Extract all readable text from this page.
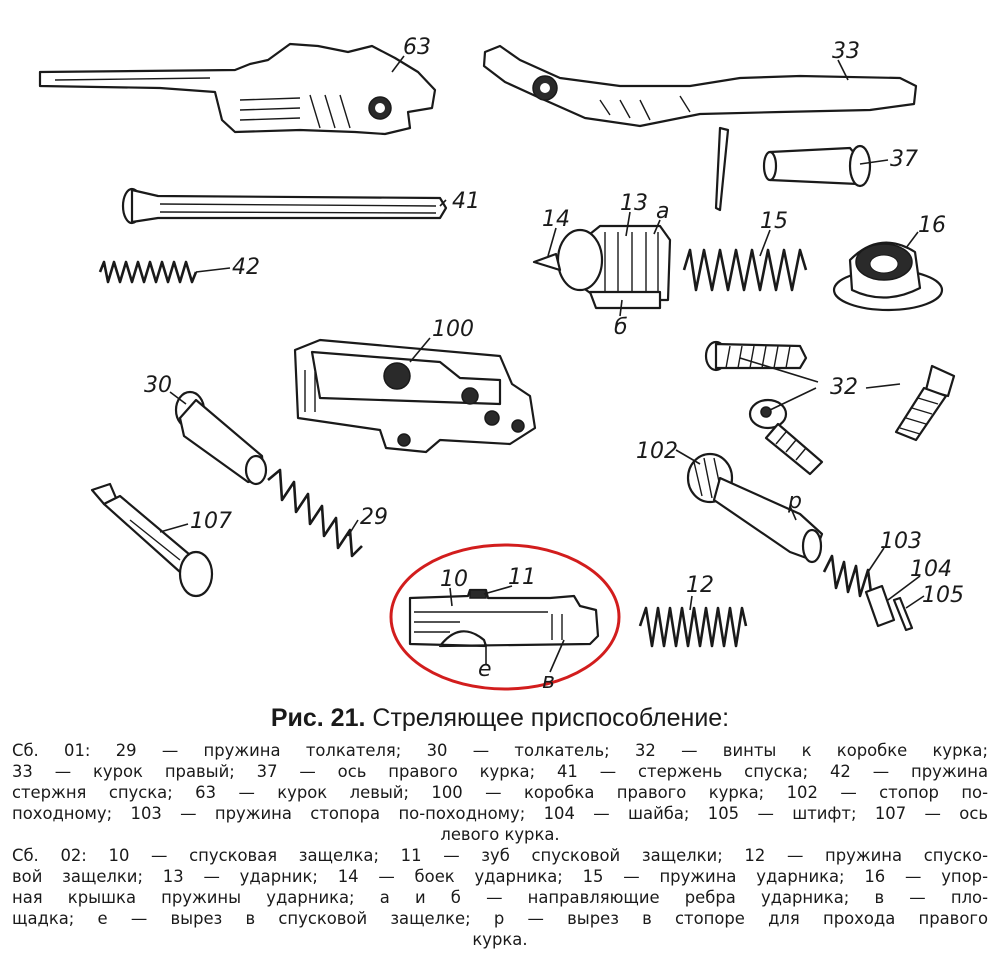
63	33
37
41
42
14
13 а
б
15	16
100
32
30
29
107
102
р
103
104
105
10 11
е в
12
Рис. 21. Стреляющее приспособление:

Сб. 01: 29 — пружина толкателя; 30 — толкатель; 32 — винты к коробке курка;
33 — курок правый; 37 — ось правого курка; 41 — стержень спуска; 42 — пружина
стержня спуска; 63 — курок левый; 100 — коробка правого курка; 102 — стопор по-
походному; 103 — пружина стопора по-походному; 104 — шайба; 105 — штифт; 107 — ось
левого курка.

Сб. 02: 10 — спусковая защелка; 11 — зуб спусковой защелки; 12 — пружина спуско-
вой защелки; 13 — ударник; 14 — боек ударника; 15 — пружина ударника; 16 — упор-
ная крышка пружины ударника; а и б — направляющие ребра ударника; в — пло-
щадка; е — вырез в спусковой защелке; р — вырез в стопоре для прохода правого
курка.
